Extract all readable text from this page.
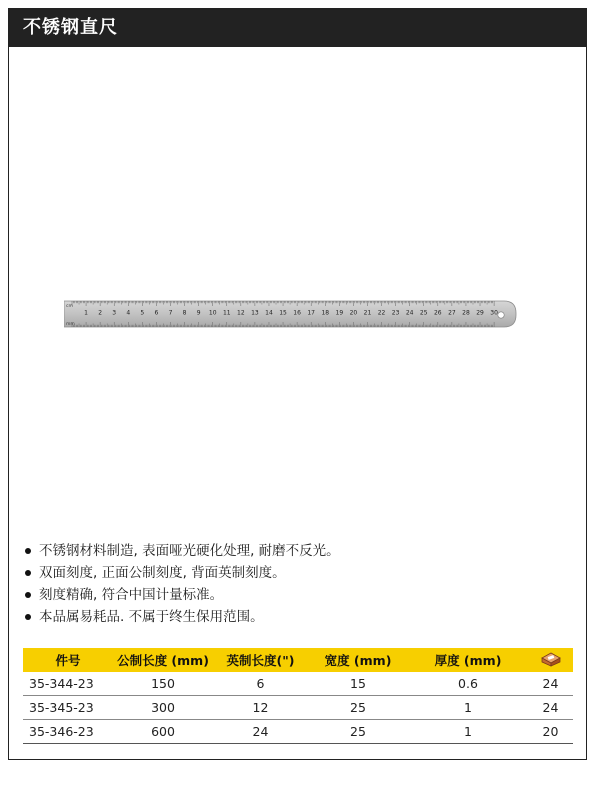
不锈钢直尺
1 2 3 4 5 6 7 8 9 10 11 12 13 14 15 16 17 18 19 20 21 22 23 24 25 26 27 28 29 30
cm
mm
不锈钢材料制造, 表面哑光硬化处理, 耐磨不反光。
双面刻度, 正面公制刻度, 背面英制刻度。
刻度精确, 符合中国计量标准。
本品属易耗品. 不属于终生保用范围。
件号	公制长度 (mm)	英制长度(")	宽度 (mm)	厚度 (mm)	
35-344-23	150	6	15	0.6	24
35-345-23	300	12	25	1	24
35-346-23	600	24	25	1	20
